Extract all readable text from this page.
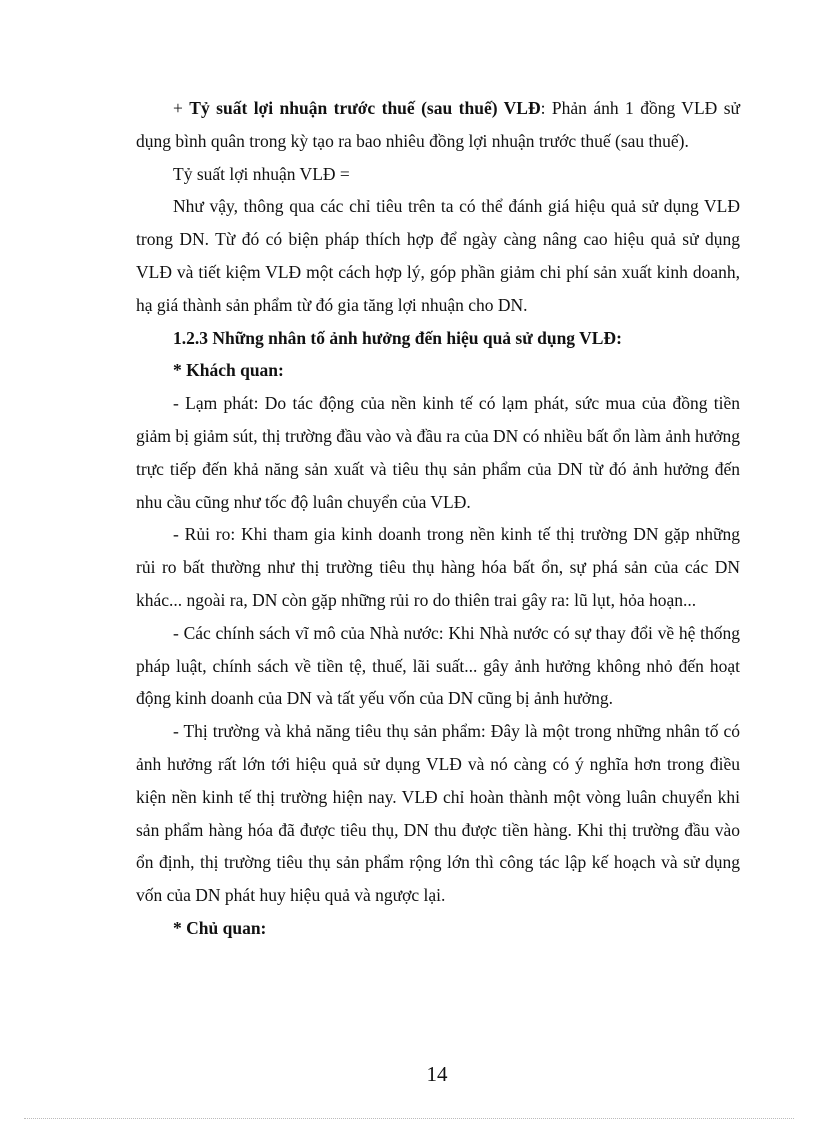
+ Tỷ suất lợi nhuận trước thuế (sau thuế) VLĐ: Phản ánh 1 đồng VLĐ sử dụng bình quân trong kỳ tạo ra bao nhiêu đồng lợi nhuận trước thuế (sau thuế).

Tỷ suất lợi nhuận VLĐ =

Như vậy, thông qua các chỉ tiêu trên ta có thể đánh giá hiệu quả sử dụng VLĐ trong DN. Từ đó có biện pháp thích hợp để ngày càng nâng cao hiệu quả sử dụng VLĐ và tiết kiệm VLĐ một cách hợp lý, góp phần giảm chi phí sản xuất kinh doanh, hạ giá thành sản phẩm từ đó gia tăng lợi nhuận cho DN.

1.2.3 Những nhân tố ảnh hưởng đến hiệu quả sử dụng VLĐ:

* Khách quan:

- Lạm phát: Do tác động của nền kinh tế có lạm phát, sức mua của đồng tiền giảm bị giảm sút, thị trường đầu vào và đầu ra của DN có nhiều bất ổn làm ảnh hưởng trực tiếp đến khả năng sản xuất và tiêu thụ sản phẩm của DN từ đó ảnh hưởng đến nhu cầu cũng như tốc độ luân chuyển của VLĐ.

- Rủi ro: Khi tham gia kinh doanh trong nền kinh tế thị trường DN gặp những rủi ro bất thường như thị trường tiêu thụ hàng hóa bất ổn, sự phá sản của các DN khác... ngoài ra, DN còn gặp những rủi ro do thiên trai gây ra: lũ lụt, hỏa hoạn...

- Các chính sách vĩ mô của Nhà nước: Khi Nhà nước có sự thay đổi về hệ thống pháp luật, chính sách về tiền tệ, thuế, lãi suất... gây ảnh hưởng không nhỏ đến hoạt động kinh doanh của DN và tất yếu vốn của DN cũng bị ảnh hưởng.

- Thị trường và khả năng tiêu thụ sản phẩm: Đây là một trong những nhân tố có ảnh hưởng rất lớn tới hiệu quả sử dụng VLĐ và nó càng có ý nghĩa hơn trong điều kiện nền kinh tế thị trường hiện nay. VLĐ chỉ hoàn thành một vòng luân chuyển khi sản phẩm hàng hóa đã được tiêu thụ, DN thu được tiền hàng. Khi thị trường đầu vào ổn định, thị trường tiêu thụ sản phẩm rộng lớn thì công tác lập kế hoạch và sử dụng vốn của DN phát huy hiệu quả và ngược lại.

* Chủ quan:

14
